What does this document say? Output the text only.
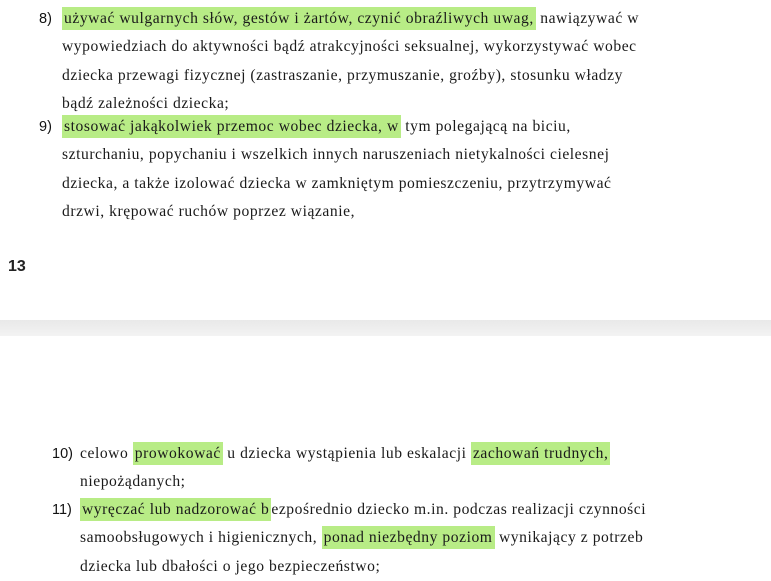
8) używać wulgarnych słów, gestów i żartów, czynić obraźliwych uwag, nawiązywać w
wypowiedziach do aktywności bądź atrakcyjności seksualnej, wykorzystywać wobec
dziecka przewagi fizycznej (zastraszanie, przymuszanie, groźby), stosunku władzy
bądź zależności dziecka;
9) stosować jakąkolwiek przemoc wobec dziecka, w tym polegającą na biciu,
szturchaniu, popychaniu i wszelkich innych naruszeniach nietykalności cielesnej
dziecka, a także izolować dziecka w zamkniętym pomieszczeniu, przytrzymywać
drzwi, krępować ruchów poprzez wiązanie,
13
10) celowo prowokować u dziecka wystąpienia lub eskalacji zachowań trudnych,
niepożądanych;
11) wyręczać lub nadzorować b ezpośrednio dziecko m.in. podczas realizacji czynności
samoobsługowych i higienicznych, ponad niezbędny poziom wynikający z potrzeb
dziecka lub dbałości o jego bezpieczeństwo;
